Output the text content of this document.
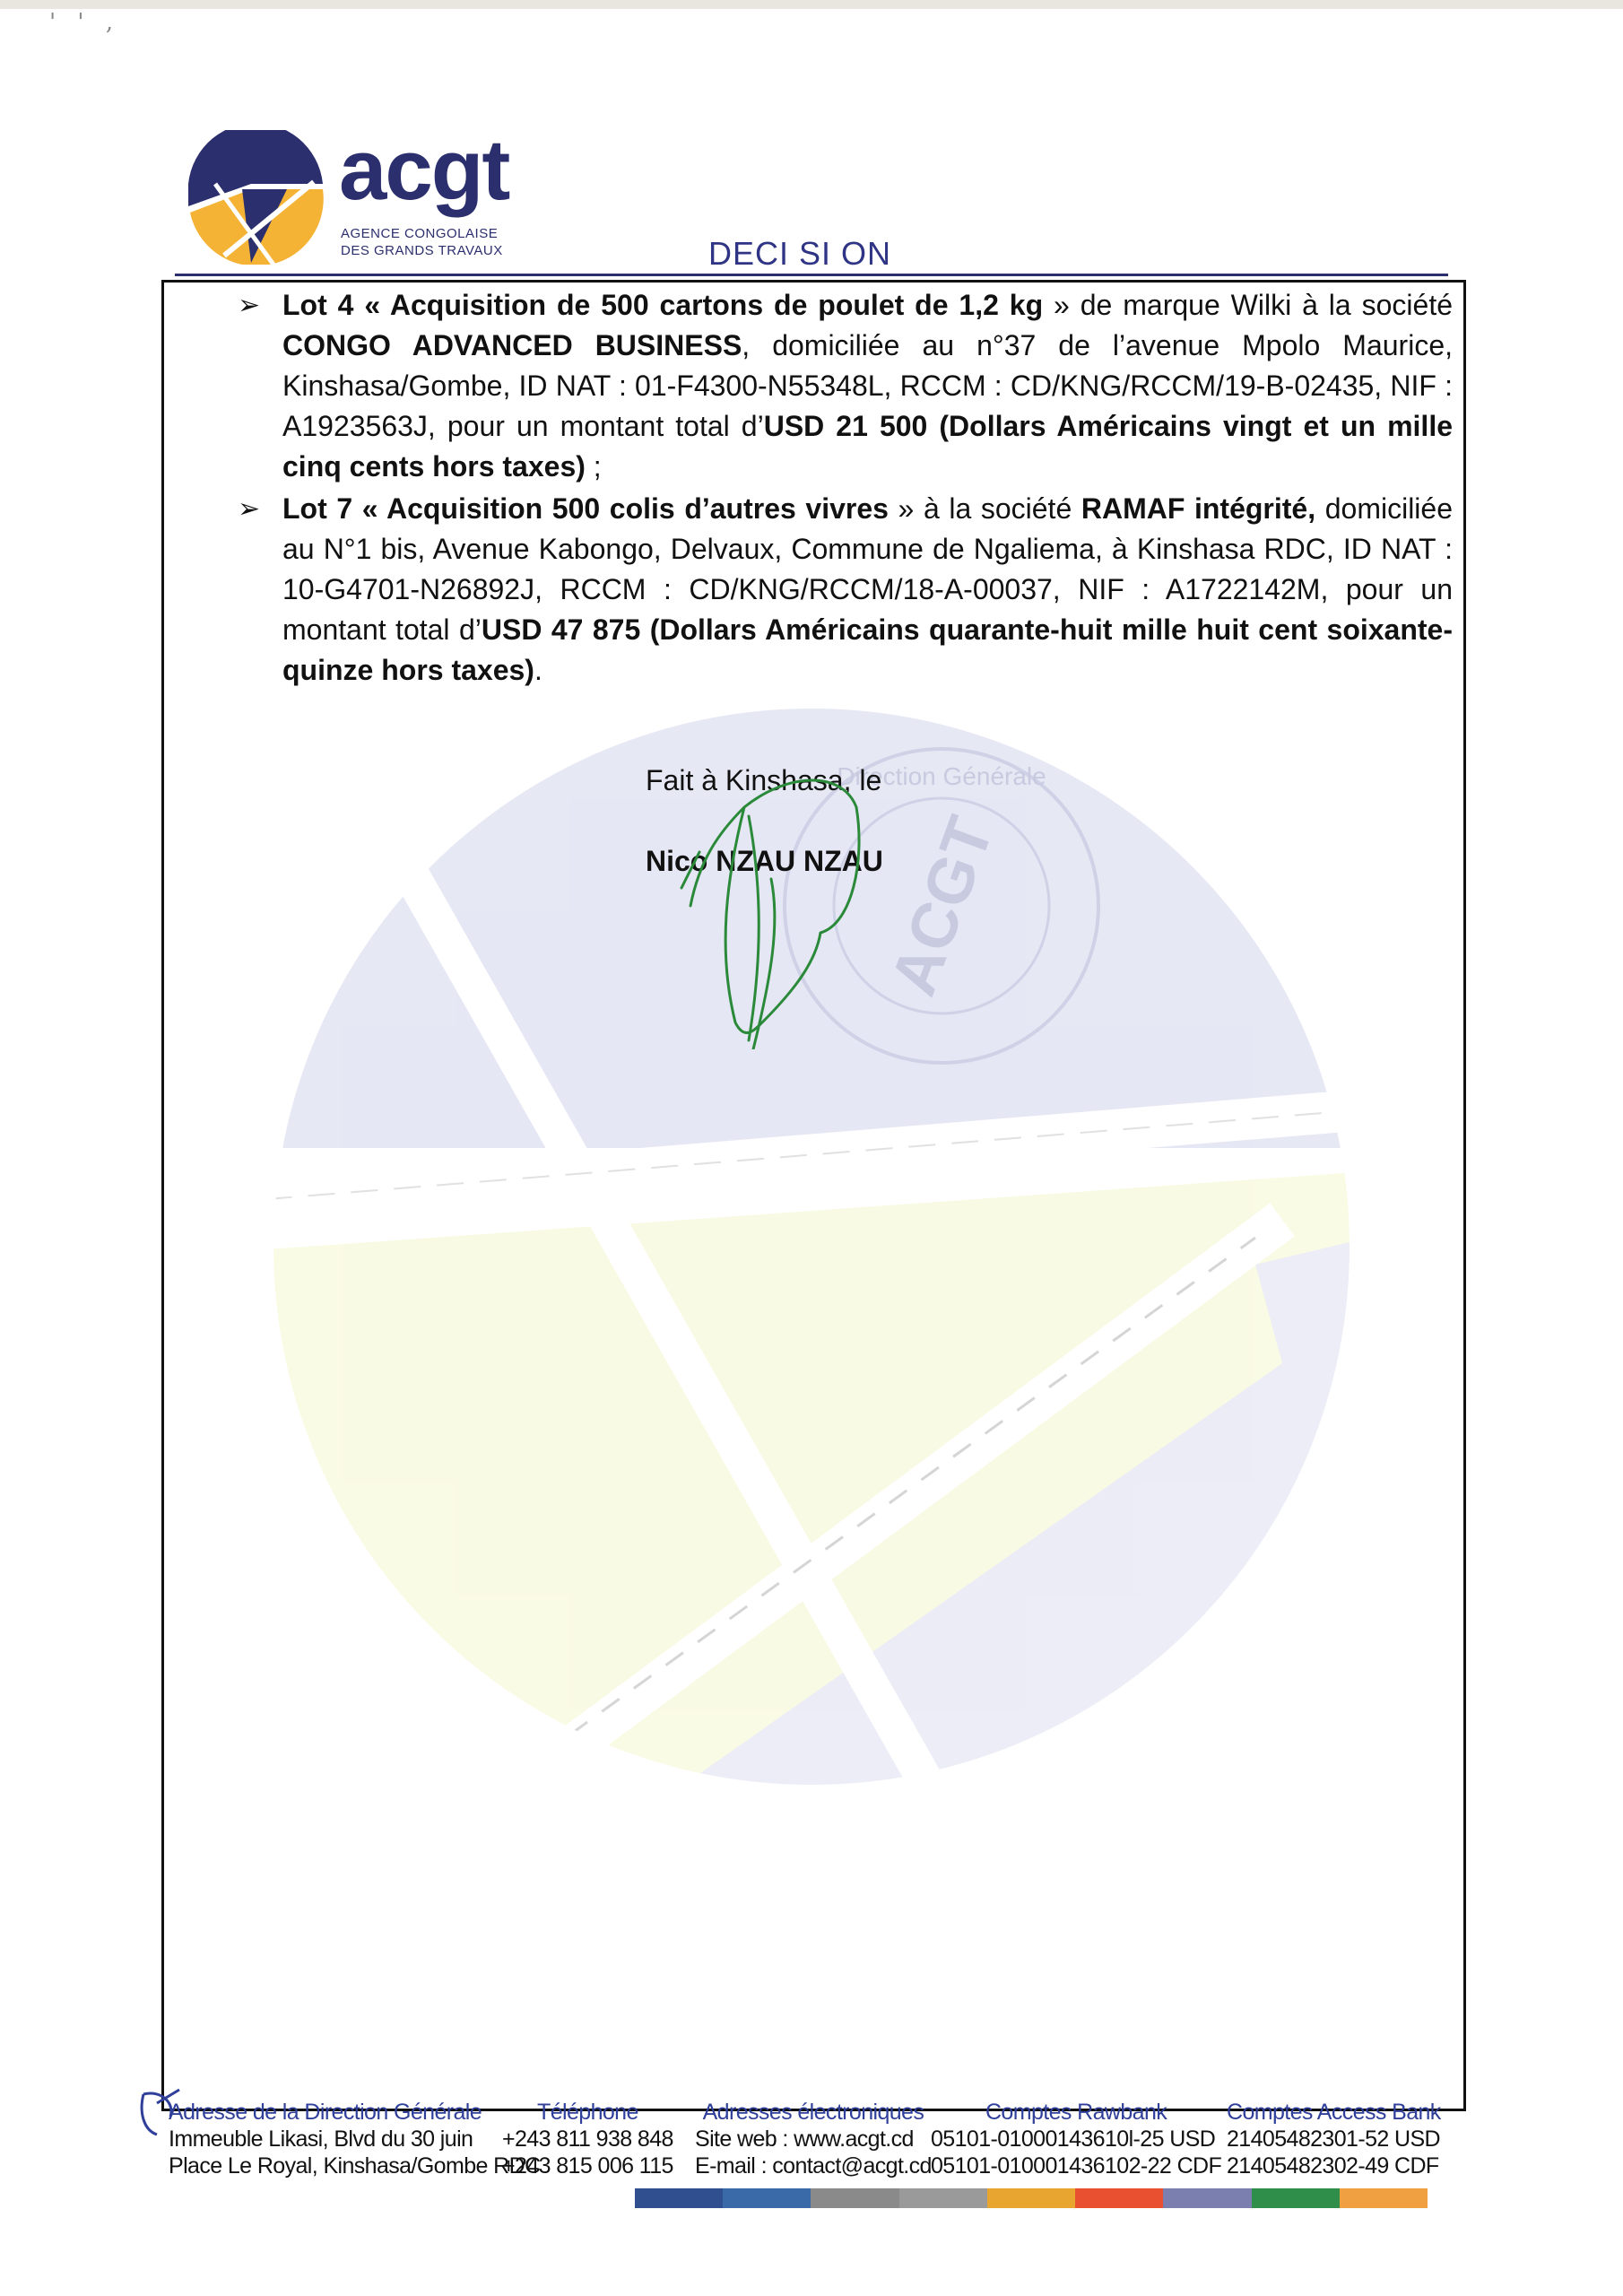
' ' ,
acgt
AGENCE CONGOLAISE
DES GRANDS TRAVAUX	DECI SI ON
➢ Lot 4 « Acquisition de 500 cartons de poulet de 1,2 kg » de marque Wilki à la société CONGO ADVANCED BUSINESS, domiciliée au n°37 de l’avenue Mpolo Maurice, Kinshasa/Gombe, ID NAT : 01-F4300-N55348L, RCCM : CD/KNG/RCCM/19-B-02435, NIF : A1923563J, pour un montant total d’USD 21 500 (Dollars Américains vingt et un mille cinq cents hors taxes) ;
➢ Lot 7 « Acquisition 500 colis d’autres vivres » à la société RAMAF intégrité, domiciliée au N°1 bis, Avenue Kabongo, Delvaux, Commune de Ngaliema, à Kinshasa RDC, ID NAT : 10-G4701-N26892J, RCCM : CD/KNG/RCCM/18-A-00037, NIF : A1722142M, pour un montant total d’USD 47 875 (Dollars Américains quarante-huit mille huit cent soixante-quinze hors taxes).
Direction Générale
ACGT
Fait à Kinshasa, le
Nico NZAU NZAU
Adresse de la Direction Générale
Immeuble Likasi, Blvd du 30 juin
Place Le Royal, Kinshasa/Gombe RDC
Téléphone
+243 811 938 848
+243 815 006 115
Adresses électroniques
Site web : www.acgt.cd
E-mail : contact@acgt.cd
Comptes Rawbank
05101-01000143610l-25 USD
05101-010001436102-22 CDF
Comptes Access Bank
21405482301-52 USD
21405482302-49 CDF
